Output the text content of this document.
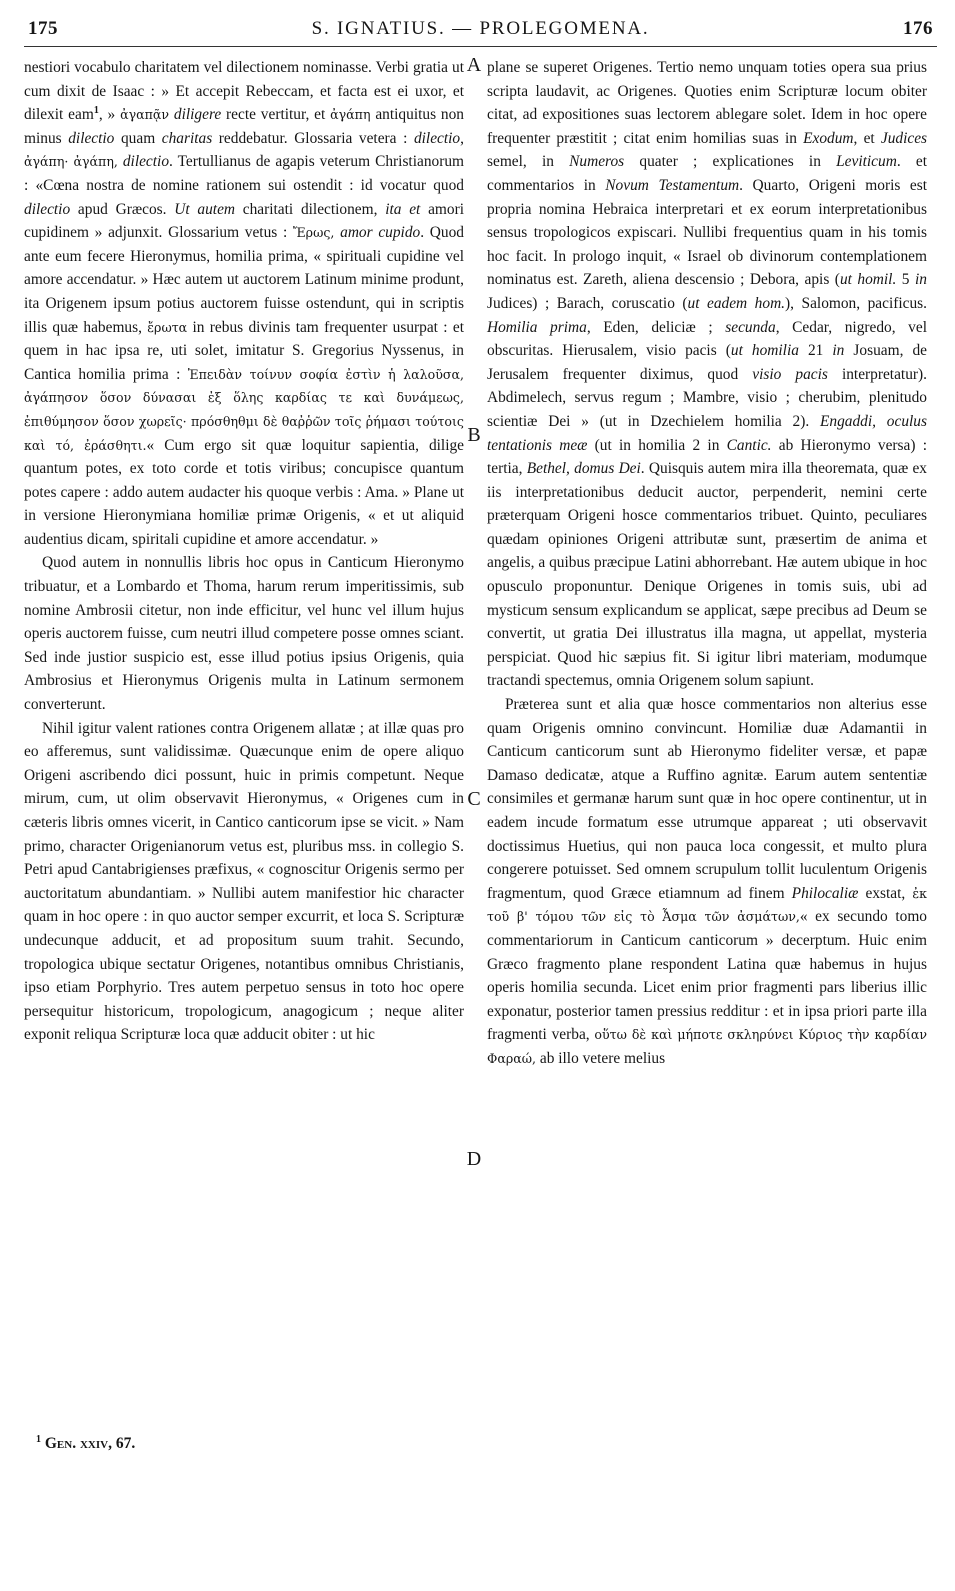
175	S. IGNATIUS. — PROLEGOMENA.	176

nestiori vocabulo charitatem vel dilectionem nominasse. Verbi gratia ut cum dixit de Isaac : » Et accepit Rebeccam, et facta est ei uxor, et dilexit eam$^1$, » ἀγαπᾷν diligere recte vertitur, et ἀγάπη antiquitus non minus dilectio quam charitas reddebatur. Glossaria vetera : dilectio, ἀγάπη· ἀγάπη, dilectio. Tertullianus de agapis veterum Christianorum : «Cœna nostra de nomine rationem sui ostendit : id vocatur quod dilectio apud Græcos. Ut autem charitati dilectionem, ita et amori cupidinem » adjunxit. Glossarium vetus : Ἔρως, amor cupido. Quod ante eum fecere Hieronymus, homilia prima, « spirituali cupidine vel amore accendatur. » Hæc autem ut auctorem Latinum minime produnt, ita Origenem ipsum potius auctorem fuisse ostendunt, qui in scriptis illis quæ habemus, ἔρωτα in rebus divinis tam frequenter usurpat : et quem in hac ipsa re, uti solet, imitatur S. Gregorius Nyssenus, in Cantica homilia prima : Ἐπειδὰν τοίνυν σοφία ἐστὶν ἡ λαλοῦσα, ἀγάπησον ὅσον δύνασαι ἐξ ὅλης καρδίας τε καὶ δυνάμεως, ἐπιθύμησον ὅσον χωρεῖς· πρόσθηθμι δὲ θαῤῥῶν τοῖς ῥήμασι τούτοις καὶ τό, ἐράσθητι.« Cum ergo sit quæ loquitur sapientia, dilige quantum potes, ex toto corde et totis viribus; concupisce quantum potes capere : addo autem audacter his quoque verbis : Ama. » Plane ut in versione Hieronymiana homiliæ primæ Origenis, « et ut aliquid audentius dicam, spiritali cupidine et amore accendatur. »

Quod autem in nonnullis libris hoc opus in Canticum Hieronymo tribuatur, et a Lombardo et Thoma, harum rerum imperitissimis, sub nomine Ambrosii citetur, non inde efficitur, vel hunc vel illum hujus operis auctorem fuisse, cum neutri illud competere posse omnes sciant. Sed inde justior suspicio est, esse illud potius ipsius Origenis, quia Ambrosius et Hieronymus Origenis multa in Latinum sermonem converterunt.

Nihil igitur valent rationes contra Origenem allatæ ; at illæ quas pro eo afferemus, sunt validissimæ. Quæcunque enim de opere aliquo Origeni ascribendo dici possunt, huic in primis competunt. Neque mirum, cum, ut olim observavit Hieronymus, « Origenes cum in cæteris libris omnes vicerit, in Cantico canticorum ipse se vicit. » Nam primo, character Origenianorum vetus est, pluribus mss. in collegio S. Petri apud Cantabrigienses præfixus, « cognoscitur Origenis sermo per auctoritatum abundantiam. » Nullibi autem manifestior hic character quam in hoc opere : in quo auctor semper excurrit, et loca S. Scripturæ undecunque adducit, et ad propositum suum trahit. Secundo, tropologica ubique sectatur Origenes, notantibus omnibus Christianis, ipso etiam Porphyrio. Tres autem perpetuo sensus in toto hoc opere persequitur historicum, tropologicum, anagogicum ; neque aliter exponit reliqua Scripturæ loca quæ adducit obiter : ut hic

A
B
C
D

plane se superet Origenes. Tertio nemo unquam toties opera sua prius scripta laudavit, ac Origenes. Quoties enim Scripturæ locum obiter citat, ad expositiones suas lectorem ablegare solet. Idem in hoc opere frequenter præstitit ; citat enim homilias suas in Exodum, et Judices semel, in Numeros quater ; explicationes in Leviticum. et commentarios in Novum Testamentum. Quarto, Origeni moris est propria nomina Hebraica interpretari et ex eorum interpretationibus sensus tropologicos expiscari. Nullibi frequentius quam in his tomis hoc facit. In prologo inquit, « Israel ob divinorum contemplationem nominatus est. Zareth, aliena descensio ; Debora, apis (ut homil. 5 in Judices) ; Barach, coruscatio (ut eadem hom.), Salomon, pacificus. Homilia prima, Eden, deliciæ ; secunda, Cedar, nigredo, vel obscuritas. Hierusalem, visio pacis (ut homilia 21 in Josuam, de Jerusalem frequenter diximus, quod visio pacis interpretatur). Abdimelech, servus regum ; Mambre, visio ; cherubim, plenitudo scientiæ Dei » (ut in Dzechielem homilia 2). Engaddi, oculus tentationis meæ (ut in homilia 2 in Cantic. ab Hieronymo versa) : tertia, Bethel, domus Dei. Quisquis autem mira illa theoremata, quæ ex iis interpretationibus deducit auctor, perpenderit, nemini certe præterquam Origeni hosce commentarios tribuet. Quinto, peculiares quædam opiniones Origeni attributæ sunt, præsertim de anima et angelis, a quibus præcipue Latini abhorrebant. Hæ autem ubique in hoc opusculo proponuntur. Denique Origenes in tomis suis, ubi ad mysticum sensum explicandum se applicat, sæpe precibus ad Deum se convertit, ut gratia Dei illustratus illa magna, ut appellat, mysteria perspiciat. Quod hic sæpius fit. Si igitur libri materiam, modumque tractandi spectemus, omnia Origenem solum sapiunt.

Præterea sunt et alia quæ hosce commentarios non alterius esse quam Origenis omnino convincunt. Homiliæ duæ Adamantii in Canticum canticorum sunt ab Hieronymo fideliter versæ, et papæ Damaso dedicatæ, atque a Ruffino agnitæ. Earum autem sententiæ consimiles et germanæ harum sunt quæ in hoc opere continentur, ut in eadem incude formatum esse utrumque appareat ; uti observavit doctissimus Huetius, qui non pauca loca congessit, et multo plura congerere potuisset. Sed omnem scrupulum tollit luculentum Origenis fragmentum, quod Græce etiamnum ad finem Philocaliæ exstat, ἐκ τοῦ β' τόμου τῶν εἰς τὸ Ἆσμα τῶν ἀσμάτων,« ex secundo tomo commentariorum in Canticum canticorum » decerptum. Huic enim Græco fragmento plane respondent Latina quæ habemus in hujus operis homilia secunda. Licet enim prior fragmenti pars liberius illic exponatur, posterior tamen pressius redditur : et in ipsa priori parte illa fragmenti verba, οὕτω δὲ καὶ μήποτε σκληρύνει Κύριος τὴν καρδίαν Φαραώ, ab illo vetere melius

$^1$ Gen. xxiv, 67.
